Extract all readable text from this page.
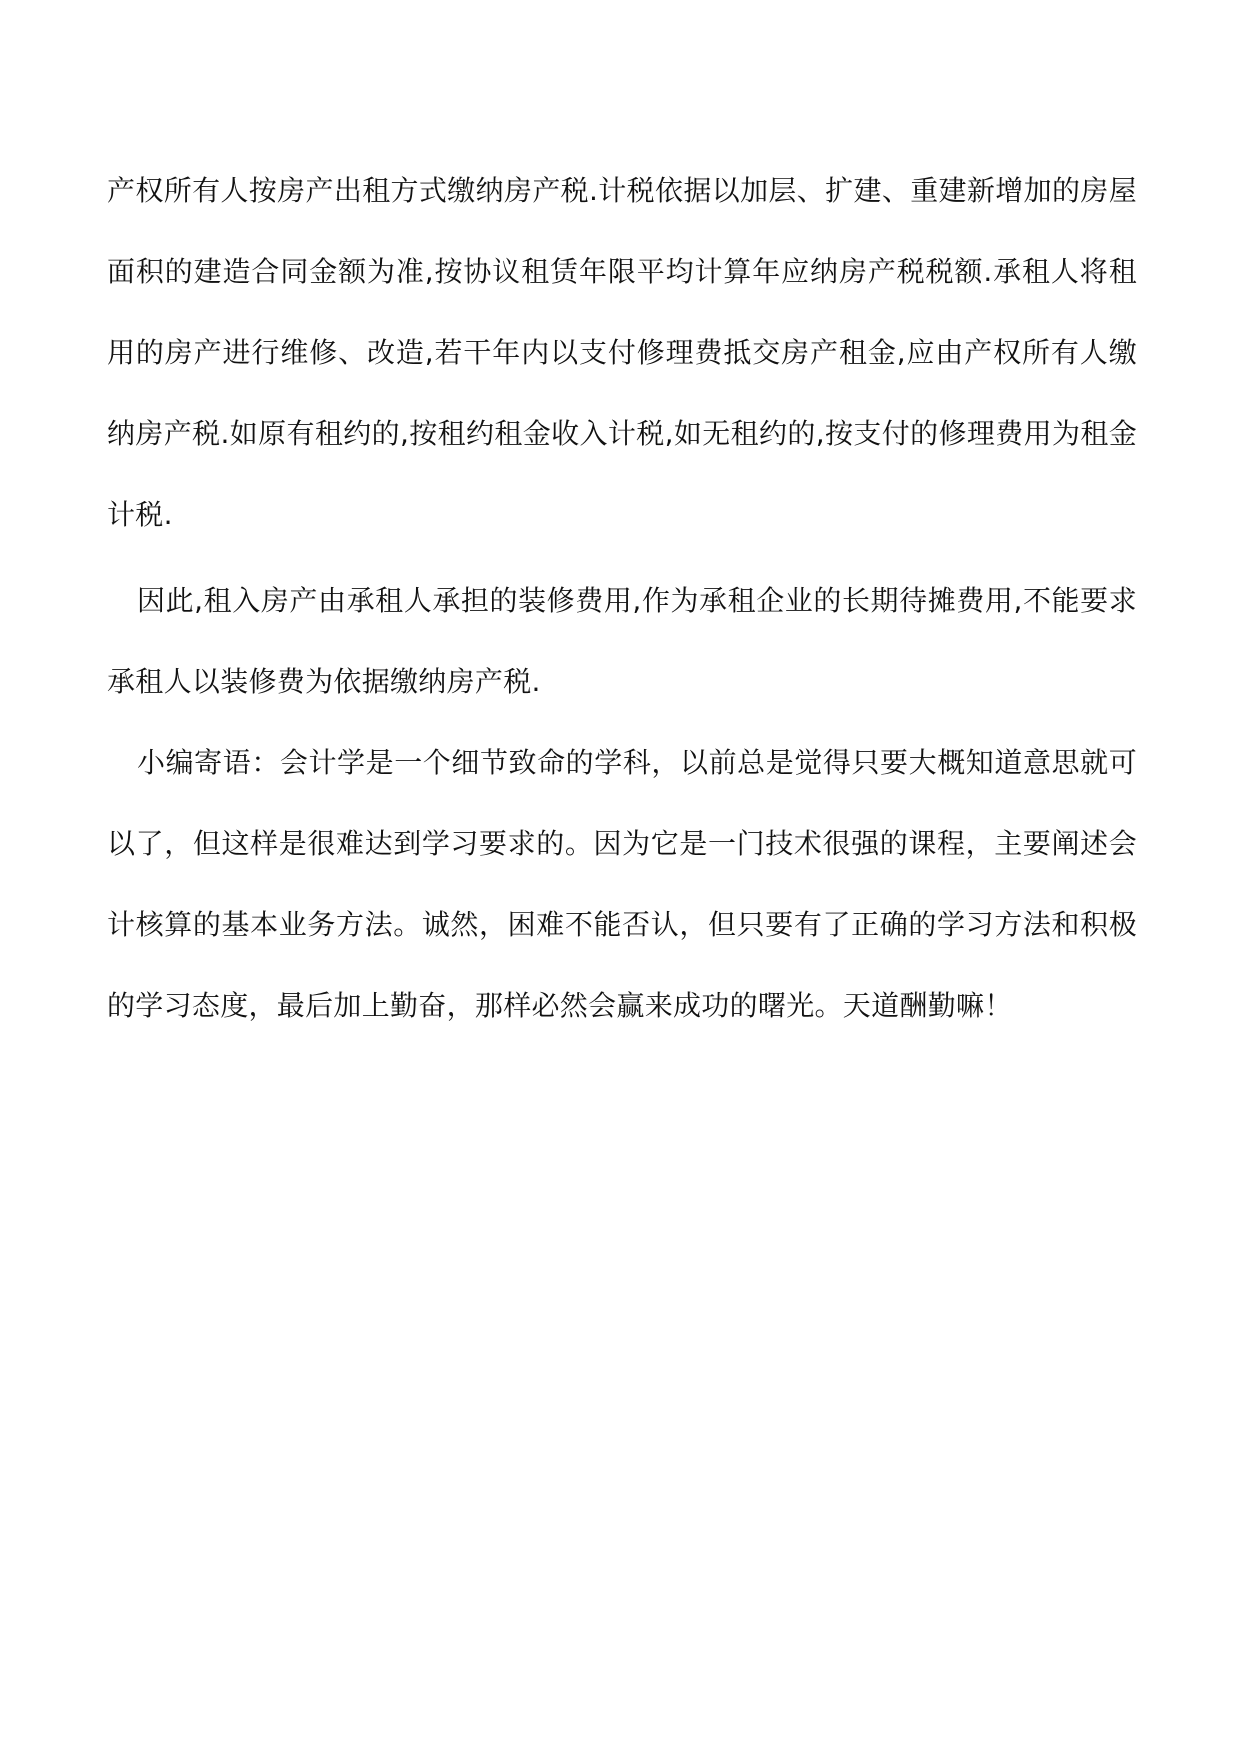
产权所有人按房产出租方式缴纳房产税.计税依据以加层、扩建、重建新增加的房屋面积的建造合同金额为准,按协议租赁年限平均计算年应纳房产税税额.承租人将租用的房产进行维修、改造,若干年内以支付修理费抵交房产租金,应由产权所有人缴纳房产税.如原有租约的,按租约租金收入计税,如无租约的,按支付的修理费用为租金计税.

因此,租入房产由承租人承担的装修费用,作为承租企业的长期待摊费用,不能要求承租人以装修费为依据缴纳房产税.

小编寄语：会计学是一个细节致命的学科，以前总是觉得只要大概知道意思就可以了，但这样是很难达到学习要求的。因为它是一门技术很强的课程，主要阐述会计核算的基本业务方法。诚然，困难不能否认，但只要有了正确的学习方法和积极的学习态度，最后加上勤奋，那样必然会赢来成功的曙光。天道酬勤嘛！
